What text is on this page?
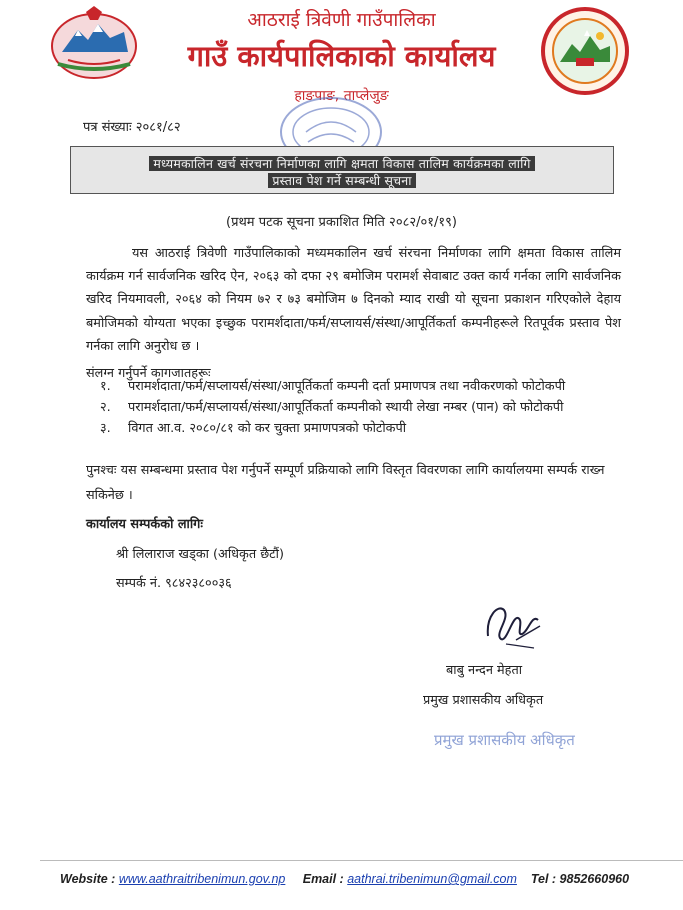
आठराई त्रिवेणी गाउँपालिका
गाउँ कार्यपालिकाको कार्यालय
हाङपाङ, ताप्लेजुङ
पत्र संख्याः २०८१/८२
मध्यमकालिन खर्च संरचना निर्माणका लागि क्षमता विकास तालिम कार्यक्रमका लागि
प्रस्ताव पेश गर्ने सम्बन्धी सूचना
(प्रथम पटक सूचना प्रकाशित मिति २०८२/०१/१९)
यस आठराई त्रिवेणी गाउँपालिकाको मध्यमकालिन खर्च संरचना निर्माणका लागि क्षमता विकास तालिम कार्यक्रम गर्न सार्वजनिक खरिद ऐन, २०६३ को दफा २९ बमोजिम परामर्श सेवाबाट उक्त कार्य गर्नका लागि सार्वजनिक खरिद नियमावली, २०६४ को नियम ७२ र ७३ बमोजिम ७ दिनको म्याद राखी यो सूचना प्रकाशन गरिएकोले देहाय बमोजिमको योग्यता भएका इच्छुक परामर्शदाता/फर्म/सप्लायर्स/संस्था/आपूर्तिकर्ता कम्पनीहरूले रितपूर्वक प्रस्ताव पेश गर्नका लागि अनुरोध छ ।
संलग्न गर्नुपर्ने कागजातहरूः
१. परामर्शदाता/फर्म/सप्लायर्स/संस्था/आपूर्तिकर्ता कम्पनी दर्ता प्रमाणपत्र तथा नवीकरणको फोटोकपी
२. परामर्शदाता/फर्म/सप्लायर्स/संस्था/आपूर्तिकर्ता कम्पनीको स्थायी लेखा नम्बर (पान) को फोटोकपी
३. विगत आ.व. २०८०/८१ को कर चुक्ता प्रमाणपत्रको फोटोकपी
पुनश्चः यस सम्बन्धमा प्रस्ताव पेश गर्नुपर्ने सम्पूर्ण प्रक्रियाको लागि विस्तृत विवरणका लागि कार्यालयमा सम्पर्क राख्न सकिनेछ ।
कार्यालय सम्पर्कको लागिः
श्री लिलाराज खड्का (अधिकृत छैटौं)
सम्पर्क नं. ९८४२३८००३६
बाबु नन्दन मेहता
प्रमुख प्रशासकीय अधिकृत
प्रमुख प्रशासकीय अधिकृत
Website : www.aathraitribenimun.gov.np Email : aathrai.tribenimun@gmail.com Tel : 9852660960
